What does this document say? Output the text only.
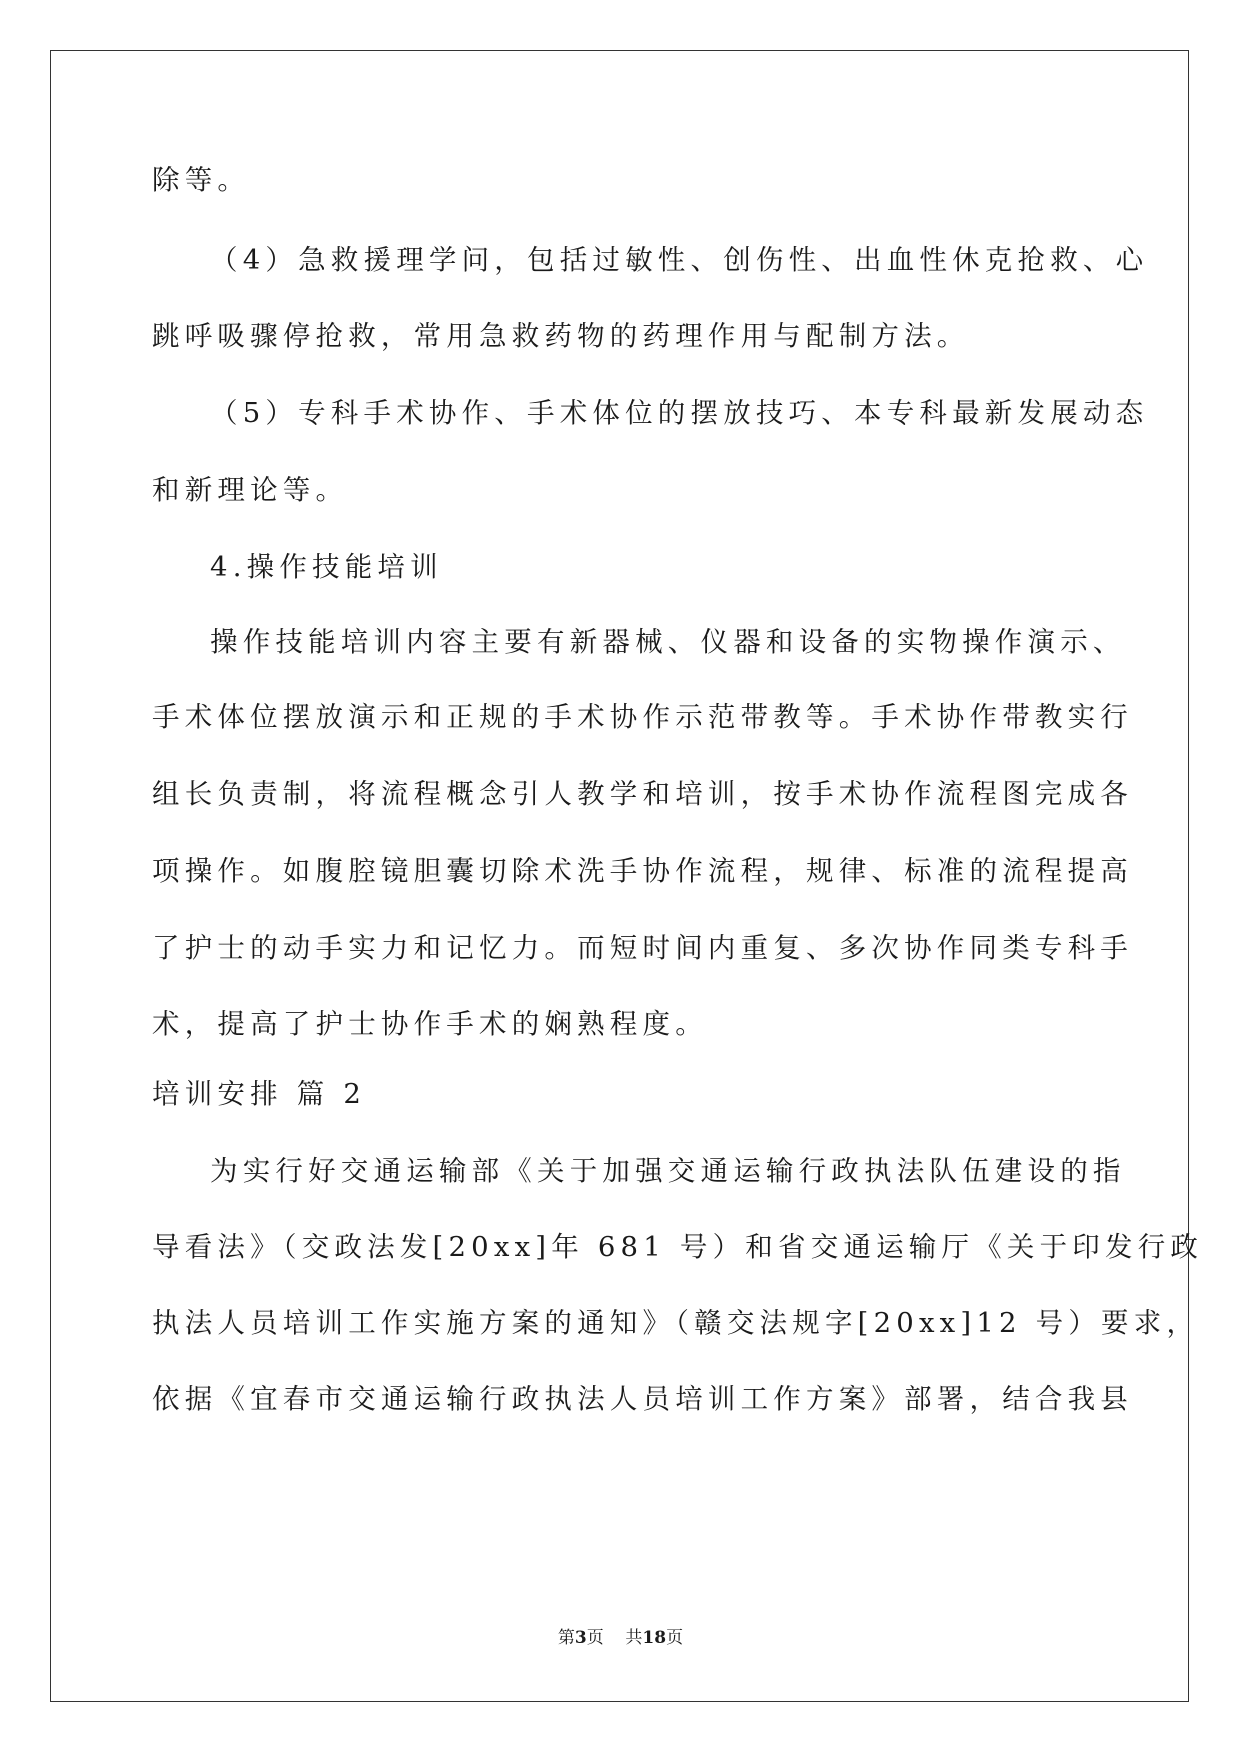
除等。
（4）急救援理学问，包括过敏性、创伤性、出血性休克抢救、心
跳呼吸骤停抢救，常用急救药物的药理作用与配制方法。
（5）专科手术协作、手术体位的摆放技巧、本专科最新发展动态
和新理论等。
4.操作技能培训
操作技能培训内容主要有新器械、仪器和设备的实物操作演示、
手术体位摆放演示和正规的手术协作示范带教等。手术协作带教实行
组长负责制，将流程概念引人教学和培训，按手术协作流程图完成各
项操作。如腹腔镜胆囊切除术洗手协作流程，规律、标准的流程提高
了护士的动手实力和记忆力。而短时间内重复、多次协作同类专科手
术，提高了护士协作手术的娴熟程度。
培训安排 篇 2
为实行好交通运输部《关于加强交通运输行政执法队伍建设的指
导看法》（交政法发[20xx]年 681 号）和省交通运输厅《关于印发行政
执法人员培训工作实施方案的通知》（赣交法规字[20xx]12 号）要求，
依据《宜春市交通运输行政执法人员培训工作方案》部署，结合我县
第3页    共18页
